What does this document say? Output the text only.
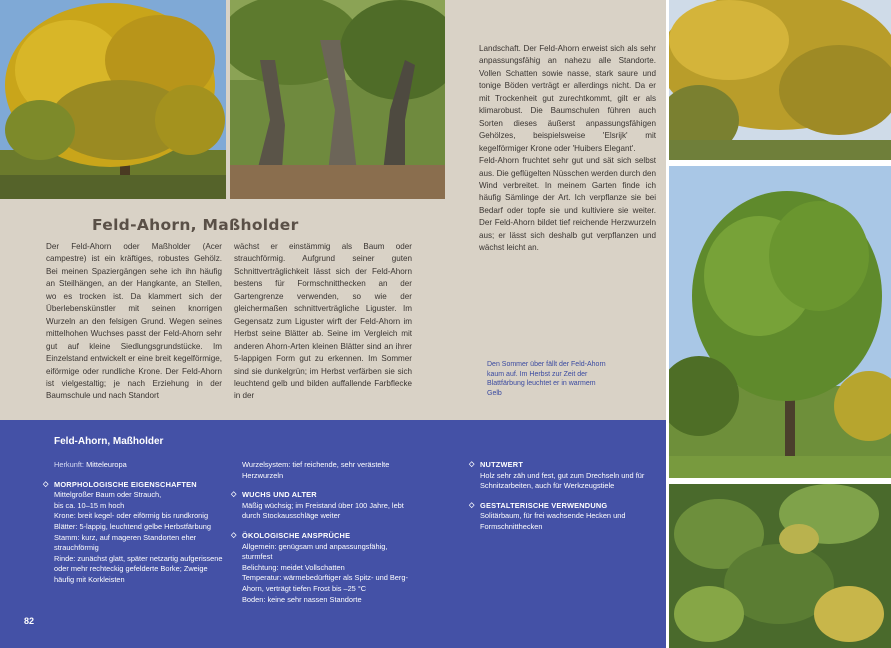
Feld-Ahorn, Maßholder

Der Feld-Ahorn oder Maßholder (Acer campestre) ist ein kräftiges, robustes Gehölz. Bei meinen Spaziergängen sehe ich ihn häufig an Steilhängen, an der Hangkante, an Stellen, wo es trocken ist. Da klammert sich der Überlebenskünstler mit seinen knorrigen Wurzeln an den felsigen Grund. Wegen seines mittelhohen Wuchses passt der Feld-Ahorn sehr gut auf kleine Siedlungsgrundstücke. Im Einzelstand entwickelt er eine breit kegelförmige, eiförmige oder rundliche Krone. Der Feld-Ahorn ist vielgestaltig; je nach Erziehung in der Baumschule und nach Standort

wächst er einstämmig als Baum oder strauchförmig. Aufgrund seiner guten Schnittverträglichkeit lässt sich der Feld-Ahorn bestens für Formschnitthecken an der Gartengrenze verwenden, so wie der gleichermaßen schnittverträgliche Liguster. Im Gegensatz zum Liguster wirft der Feld-Ahorn im Herbst seine Blätter ab. Seine im Vergleich mit anderen Ahorn-Arten kleinen Blätter sind an ihrer 5-lappigen Form gut zu erkennen. Im Sommer sind sie dunkelgrün; im Herbst verfärben sie sich leuchtend gelb und bilden auffallende Farbflecke in der

Landschaft. Der Feld-Ahorn erweist sich als sehr anpassungsfähig an nahezu alle Standorte. Vollen Schatten sowie nasse, stark saure und tonige Böden verträgt er allerdings nicht. Da er mit Trockenheit gut zurechtkommt, gilt er als klimarobust. Die Baumschulen führen auch Sorten dieses äußerst anpassungsfähigen Gehölzes, beispielsweise 'Elsrijk' mit kegelförmiger Krone oder 'Huibers Elegant'.

Feld-Ahorn fruchtet sehr gut und sät sich selbst aus. Die geflügelten Nüsschen werden durch den Wind verbreitet. In meinem Garten finde ich häufig Sämlinge der Art. Ich verpflanze sie bei Bedarf oder topfe sie und kultiviere sie weiter. Der Feld-Ahorn bildet tief reichende Herzwurzeln aus; er lässt sich deshalb gut verpflanzen und wächst leicht an.

Den Sommer über fällt der Feld-Ahorn kaum auf. Im Herbst zur Zeit der Blattfärbung leuchtet er in warmem Gelb
Feld-Ahorn, Maßholder
Herkunft: Mitteleuropa
◇ MORPHOLOGISCHE EIGENSCHAFTEN
Mittelgroßer Baum oder Strauch,
bis ca. 10–15 m hoch
Krone: breit kegel- oder eiförmig bis rundkronig
Blätter: 5-lappig, leuchtend gelbe Herbstfärbung
Stamm: kurz, auf mageren Standorten eher strauchförmig
Rinde: zunächst glatt, später netzartig aufgerissene oder mehr rechteckig gefelderte Borke; Zweige häufig mit Korkleisten
Wurzelsystem: tief reichende, sehr verästelte Herzwurzeln
◇ WUCHS UND ALTER
Mäßig wüchsig; im Freistand über 100 Jahre, lebt durch Stockausschläge weiter
◇ ÖKOLOGISCHE ANSPRÜCHE
Allgemein: genügsam und anpassungsfähig, sturmfest
Belichtung: meidet Vollschatten
Temperatur: wärmebedürftiger als Spitz- und Berg-Ahorn, verträgt tiefen Frost bis –25 °C
Boden: keine sehr nassen Standorte
◇ NUTZWERT
Holz sehr zäh und fest, gut zum Drechseln und für Schnitzarbeiten, auch für Werkzeugstiele
◇ GESTALTERISCHE VERWENDUNG
Solitärbaum, für frei wachsende Hecken und Formschnitthecken
82
